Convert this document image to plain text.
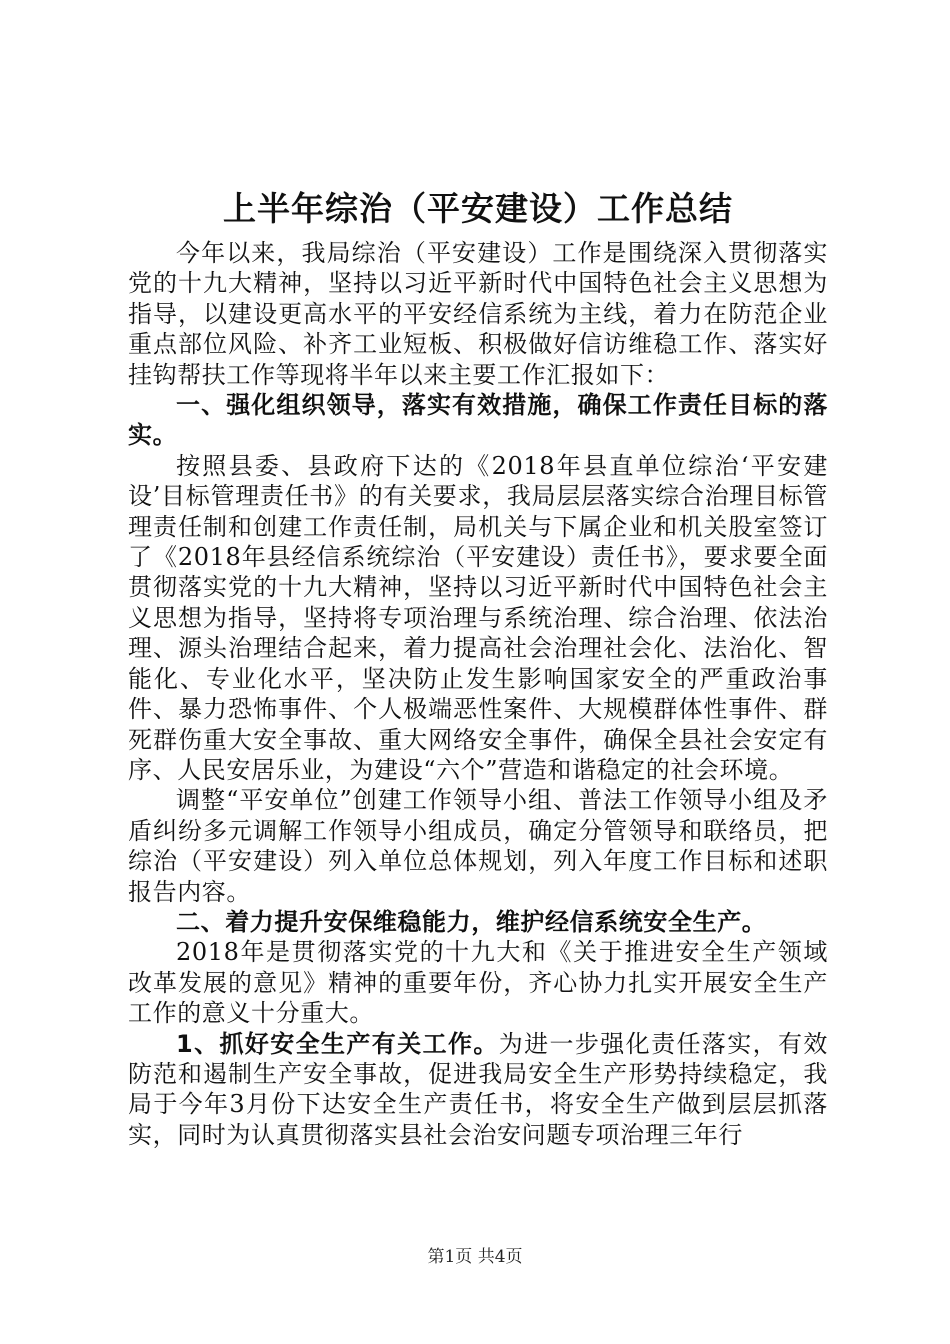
上半年综治（平安建设）工作总结

今年以来，我局综治（平安建设）工作是围绕深入贯彻落实党的十九大精神，坚持以习近平新时代中国特色社会主义思想为指导，以建设更高水平的平安经信系统为主线，着力在防范企业重点部位风险、补齐工业短板、积极做好信访维稳工作、落实好挂钩帮扶工作等现将半年以来主要工作汇报如下：

一、强化组织领导，落实有效措施，确保工作责任目标的落实。

按照县委、县政府下达的《2018年县直单位综治‘平安建设’目标管理责任书》的有关要求，我局层层落实综合治理目标管理责任制和创建工作责任制，局机关与下属企业和机关股室签订了《2018年县经信系统综治（平安建设）责任书》，要求要全面贯彻落实党的十九大精神，坚持以习近平新时代中国特色社会主义思想为指导，坚持将专项治理与系统治理、综合治理、依法治理、源头治理结合起来，着力提高社会治理社会化、法治化、智能化、专业化水平，坚决防止发生影响国家安全的严重政治事件、暴力恐怖事件、个人极端恶性案件、大规模群体性事件、群死群伤重大安全事故、重大网络安全事件，确保全县社会安定有序、人民安居乐业，为建设“六个”营造和谐稳定的社会环境。

调整“平安单位”创建工作领导小组、普法工作领导小组及矛盾纠纷多元调解工作领导小组成员，确定分管领导和联络员，把综治（平安建设）列入单位总体规划，列入年度工作目标和述职报告内容。

二、着力提升安保维稳能力，维护经信系统安全生产。

2018年是贯彻落实党的十九大和《关于推进安全生产领域改革发展的意见》精神的重要年份，齐心协力扎实开展安全生产工作的意义十分重大。

1、抓好安全生产有关工作。为进一步强化责任落实，有效防范和遏制生产安全事故，促进我局安全生产形势持续稳定，我局于今年3月份下达安全生产责任书，将安全生产做到层层抓落实，同时为认真贯彻落实县社会治安问题专项治理三年行

第1页 共4页
